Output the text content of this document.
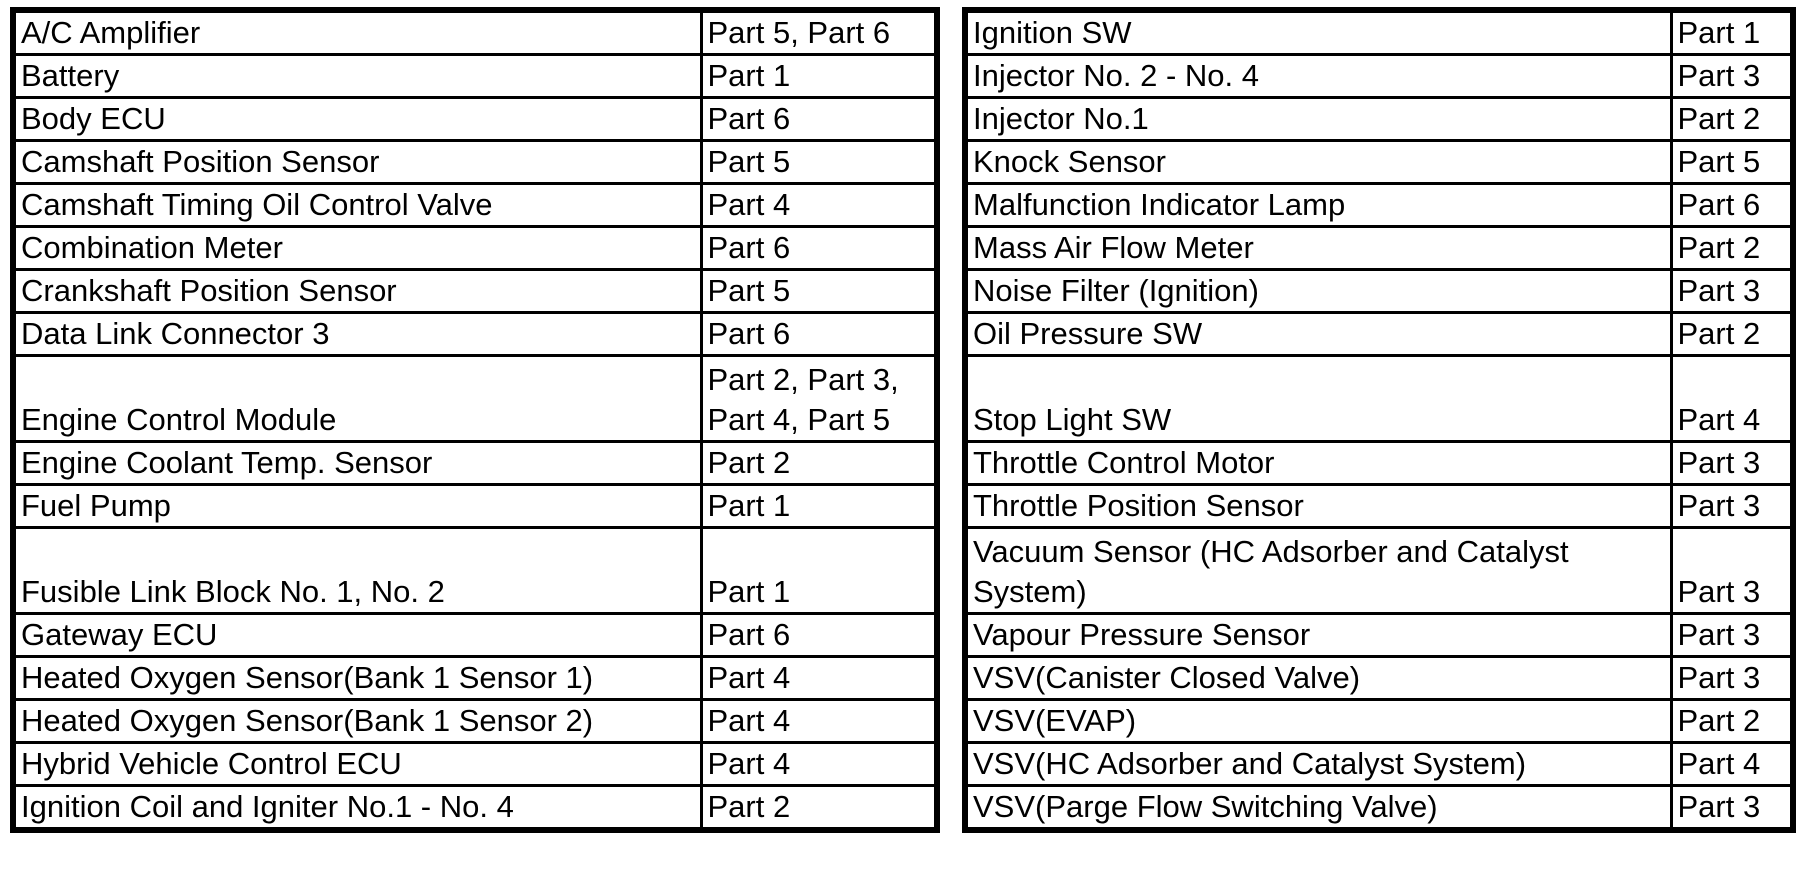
A/C Amplifier	Part 5, Part 6
Battery	Part 1
Body ECU	Part 6
Camshaft Position Sensor	Part 5
Camshaft Timing Oil Control Valve	Part 4
Combination Meter	Part 6
Crankshaft Position Sensor	Part 5
Data Link Connector 3	Part 6
Engine Control Module	Part 2, Part 3, Part 4, Part 5
Engine Coolant Temp. Sensor	Part 2
Fuel Pump	Part 1
Fusible Link Block No. 1, No. 2	Part 1
Gateway ECU	Part 6
Heated Oxygen Sensor(Bank 1 Sensor 1)	Part 4
Heated Oxygen Sensor(Bank 1 Sensor 2)	Part 4
Hybrid Vehicle Control ECU	Part 4
Ignition Coil and Igniter No.1 - No. 4	Part 2
Ignition SW	Part 1
Injector No. 2 - No. 4	Part 3
Injector No.1	Part 2
Knock Sensor	Part 5
Malfunction Indicator Lamp	Part 6
Mass Air Flow Meter	Part 2
Noise Filter (Ignition)	Part 3
Oil Pressure SW	Part 2
Stop Light SW	Part 4
Throttle Control Motor	Part 3
Throttle Position Sensor	Part 3
Vacuum Sensor (HC Adsorber and Catalyst System)	Part 3
Vapour Pressure Sensor	Part 3
VSV(Canister Closed Valve)	Part 3
VSV(EVAP)	Part 2
VSV(HC Adsorber and Catalyst System)	Part 4
VSV(Parge Flow Switching Valve)	Part 3
